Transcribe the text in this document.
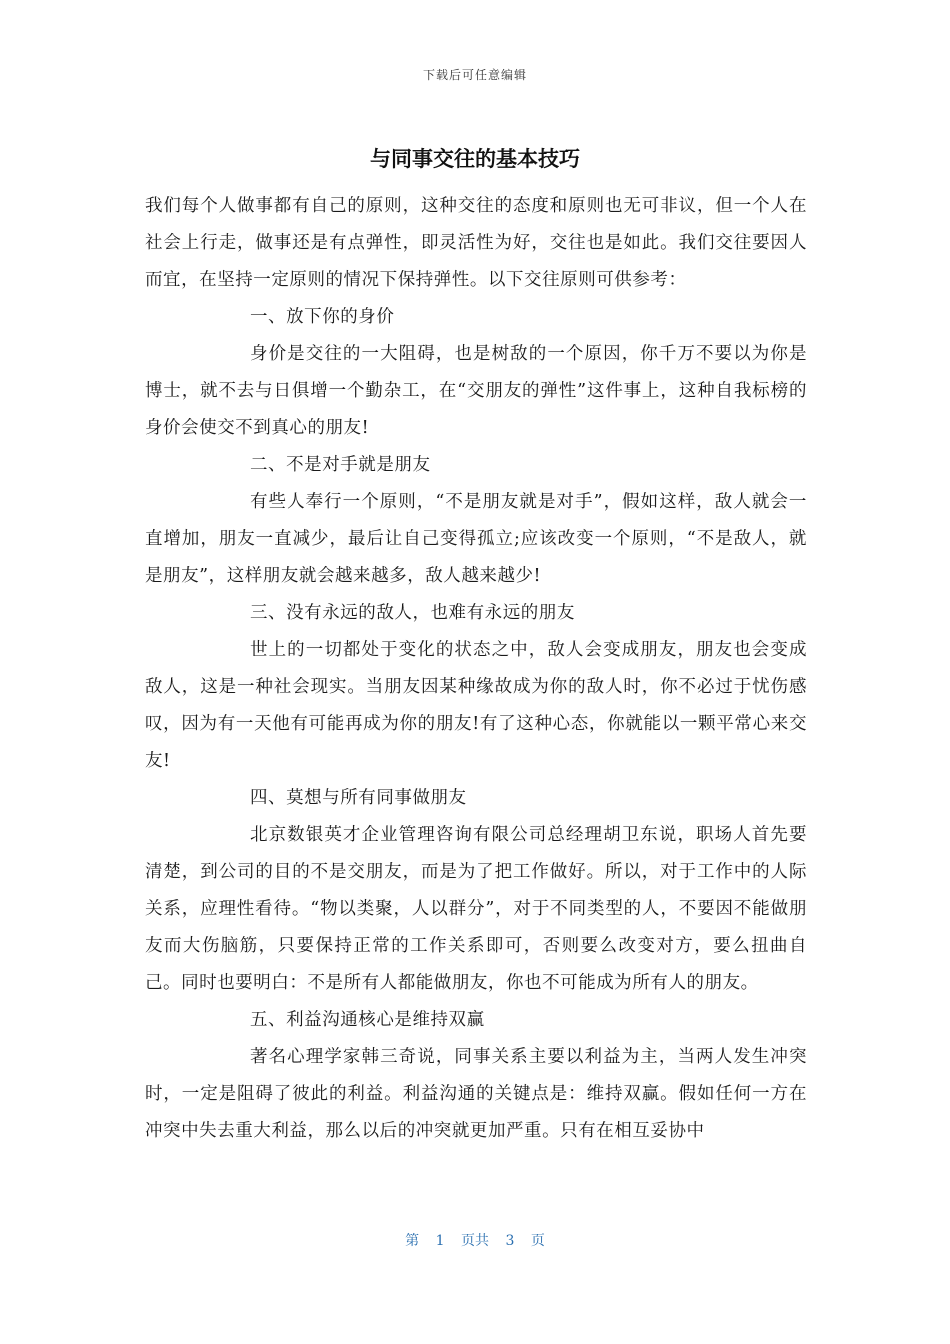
下载后可任意编辑
与同事交往的基本技巧

我们每个人做事都有自己的原则，这种交往的态度和原则也无可非议，但一个人在社会上行走，做事还是有点弹性，即灵活性为好，交往也是如此。我们交往要因人而宜，在坚持一定原则的情况下保持弹性。以下交往原则可供参考：

一、放下你的身价

身价是交往的一大阻碍，也是树敌的一个原因，你千万不要以为你是博士，就不去与日俱增一个勤杂工，在“交朋友的弹性”这件事上，这种自我标榜的身价会使交不到真心的朋友!

二、不是对手就是朋友

有些人奉行一个原则，“不是朋友就是对手”，假如这样，敌人就会一直增加，朋友一直减少，最后让自己变得孤立;应该改变一个原则，“不是敌人，就是朋友”，这样朋友就会越来越多，敌人越来越少!

三、没有永远的敌人，也难有永远的朋友

世上的一切都处于变化的状态之中，敌人会变成朋友，朋友也会变成敌人，这是一种社会现实。当朋友因某种缘故成为你的敌人时，你不必过于忧伤感叹，因为有一天他有可能再成为你的朋友!有了这种心态，你就能以一颗平常心来交友!

四、莫想与所有同事做朋友

北京数银英才企业管理咨询有限公司总经理胡卫东说，职场人首先要清楚，到公司的目的不是交朋友，而是为了把工作做好。所以，对于工作中的人际关系，应理性看待。“物以类聚，人以群分”，对于不同类型的人，不要因不能做朋友而大伤脑筋，只要保持正常的工作关系即可，否则要么改变对方，要么扭曲自己。同时也要明白：不是所有人都能做朋友，你也不可能成为所有人的朋友。

五、利益沟通核心是维持双赢

著名心理学家韩三奇说，同事关系主要以利益为主，当两人发生冲突时，一定是阻碍了彼此的利益。利益沟通的关键点是：维持双赢。假如任何一方在冲突中失去重大利益，那么以后的冲突就更加严重。只有在相互妥协中

第 1 页共 3 页
